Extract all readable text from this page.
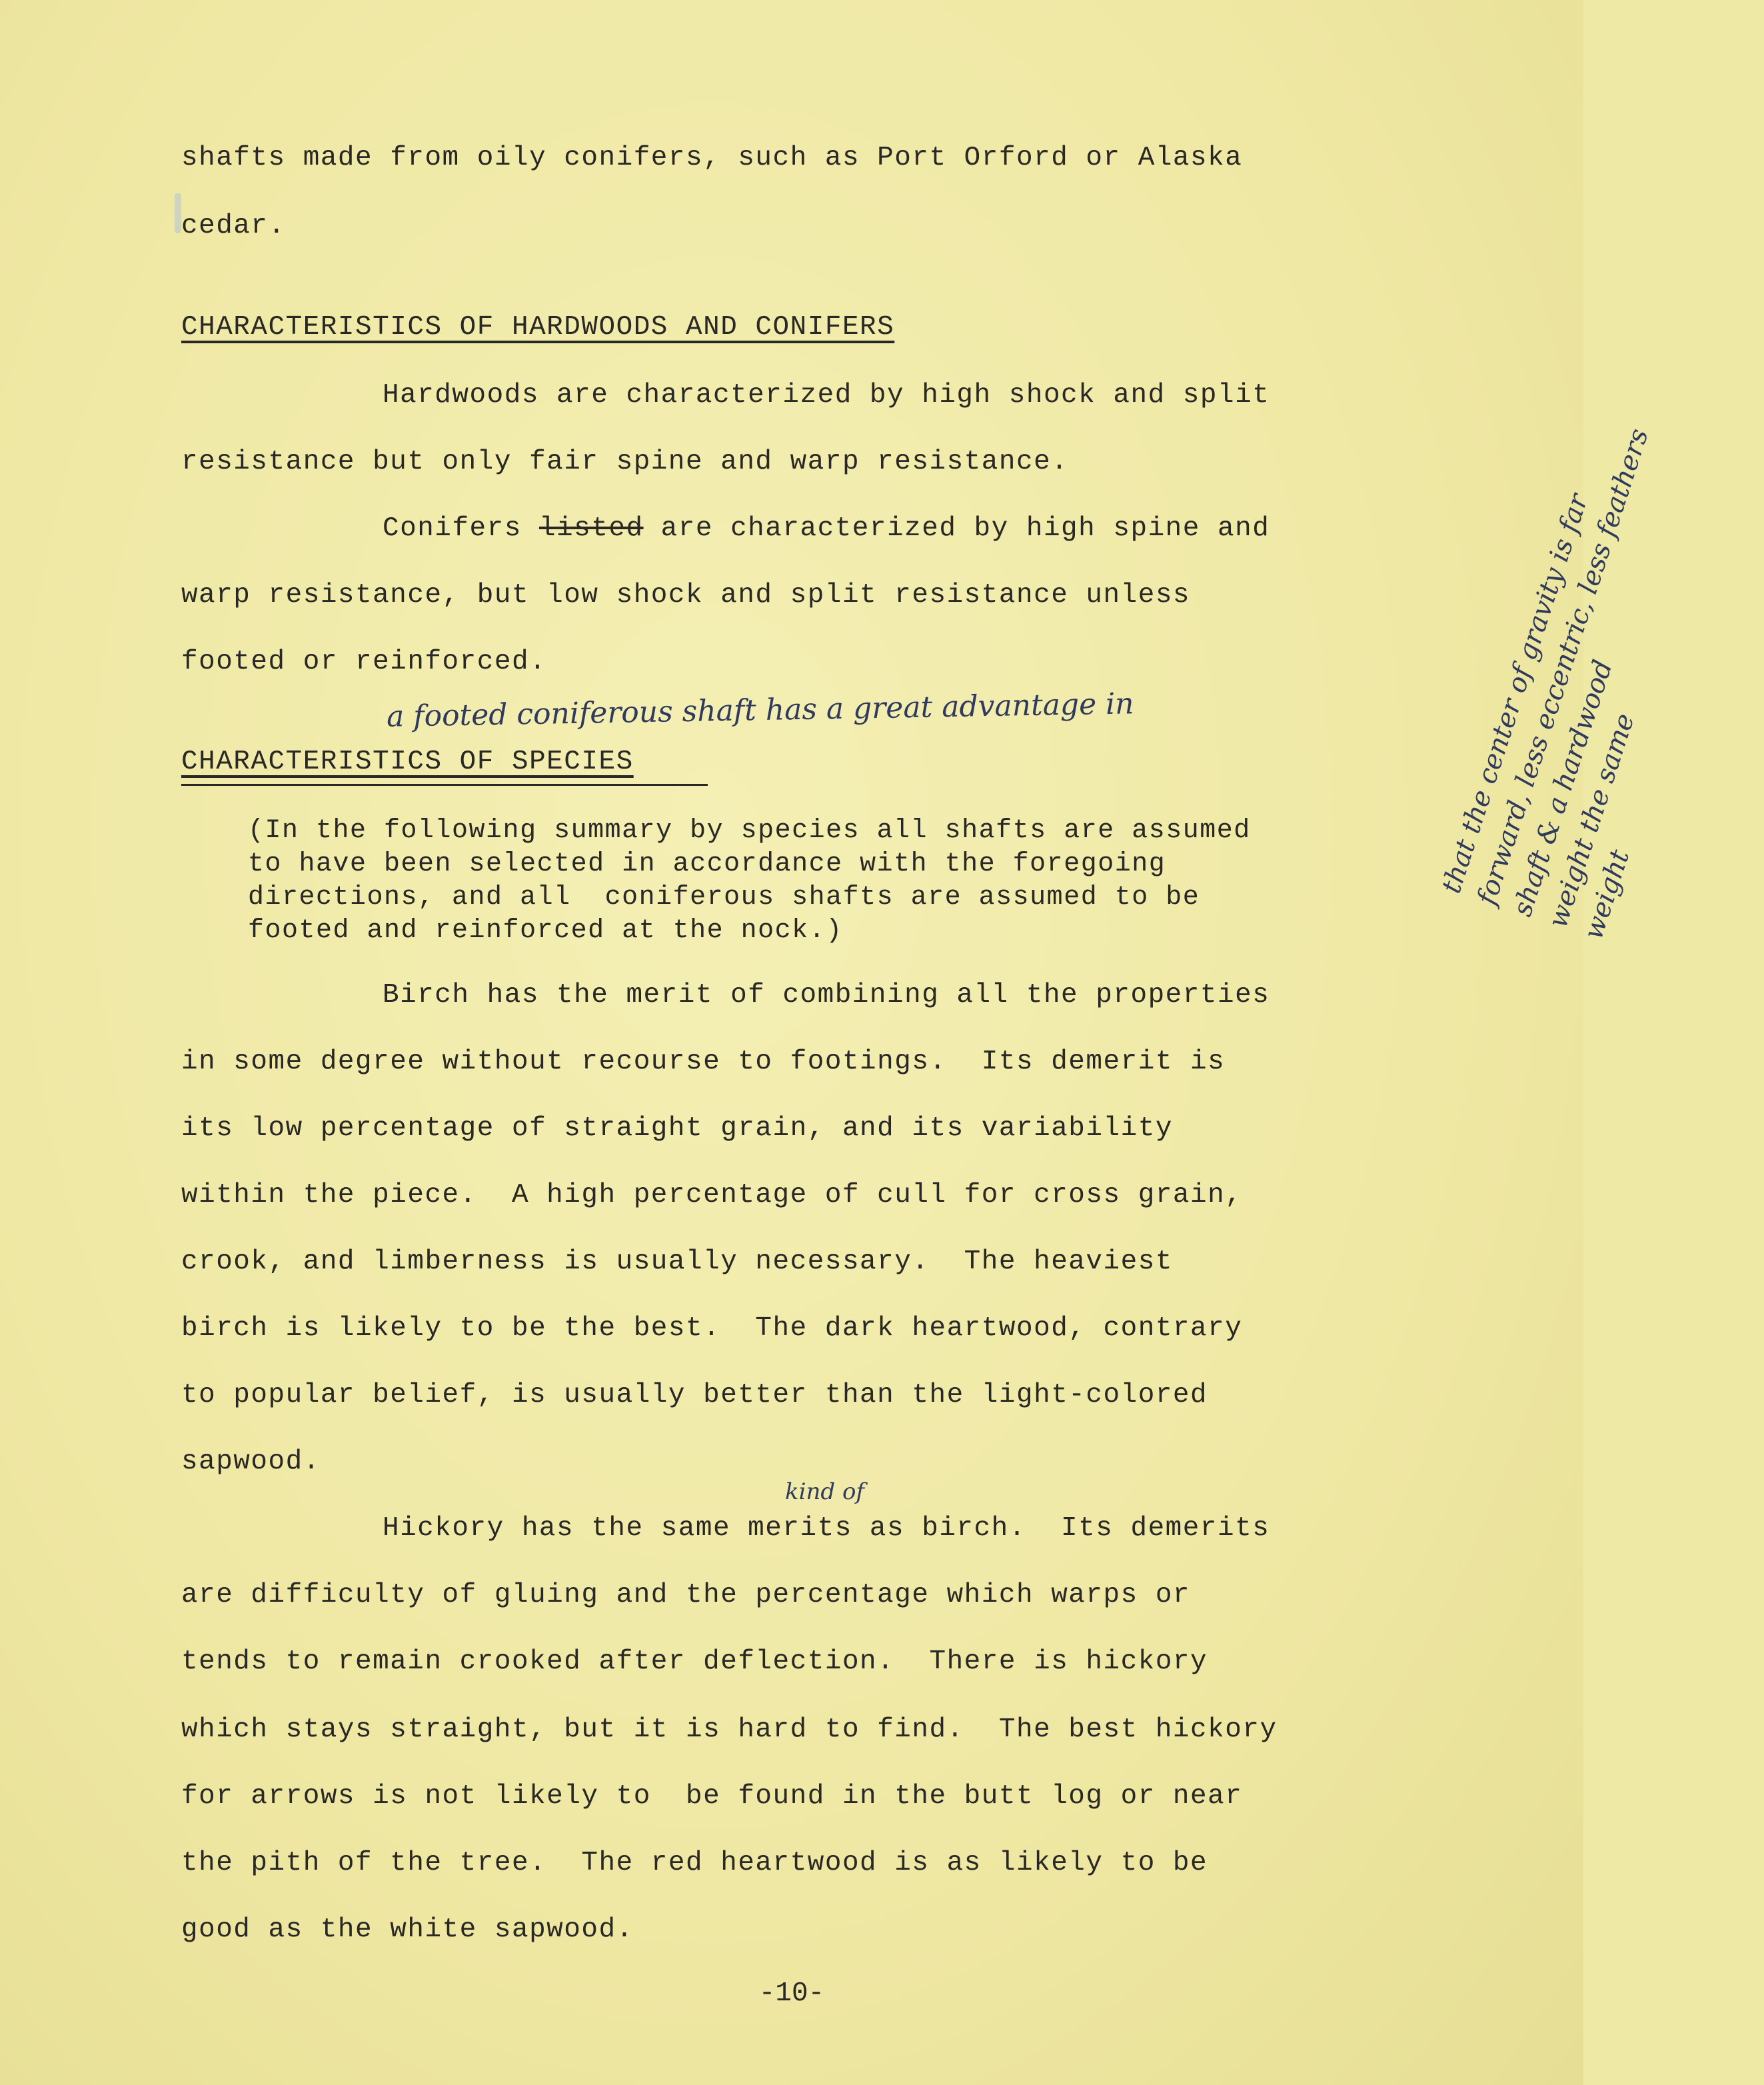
shafts made from oily conifers, such as Port Orford or Alaska
cedar.
CHARACTERISTICS OF HARDWOODS AND CONIFERS
Hardwoods are characterized by high shock and split
resistance but only fair spine and warp resistance.
Conifers listed are characterized by high spine and
warp resistance, but low shock and split resistance unless
footed or reinforced.
a footed coniferous shaft has a great advantage in	that the center of gravity is far
forward, less eccentric, less feathers
shaft & a hardwood
weight the same
weight
CHARACTERISTICS OF SPECIES
(In the following summary by species all shafts are assumed
to have been selected in accordance with the foregoing
directions, and all  coniferous shafts are assumed to be
footed and reinforced at the nock.)
Birch has the merit of combining all the properties
in some degree without recourse to footings.  Its demerit is
its low percentage of straight grain, and its variability
within the piece.  A high percentage of cull for cross grain,
crook, and limberness is usually necessary.  The heaviest
birch is likely to be the best.  The dark heartwood, contrary
to popular belief, is usually better than the light-colored
sapwood.
kind of
Hickory has the same merits as birch.  Its demerits
are difficulty of gluing and the percentage which warps or
tends to remain crooked after deflection.  There is hickory
which stays straight, but it is hard to find.  The best hickory
for arrows is not likely to  be found in the butt log or near
the pith of the tree.  The red heartwood is as likely to be
good as the white sapwood.
-10-
